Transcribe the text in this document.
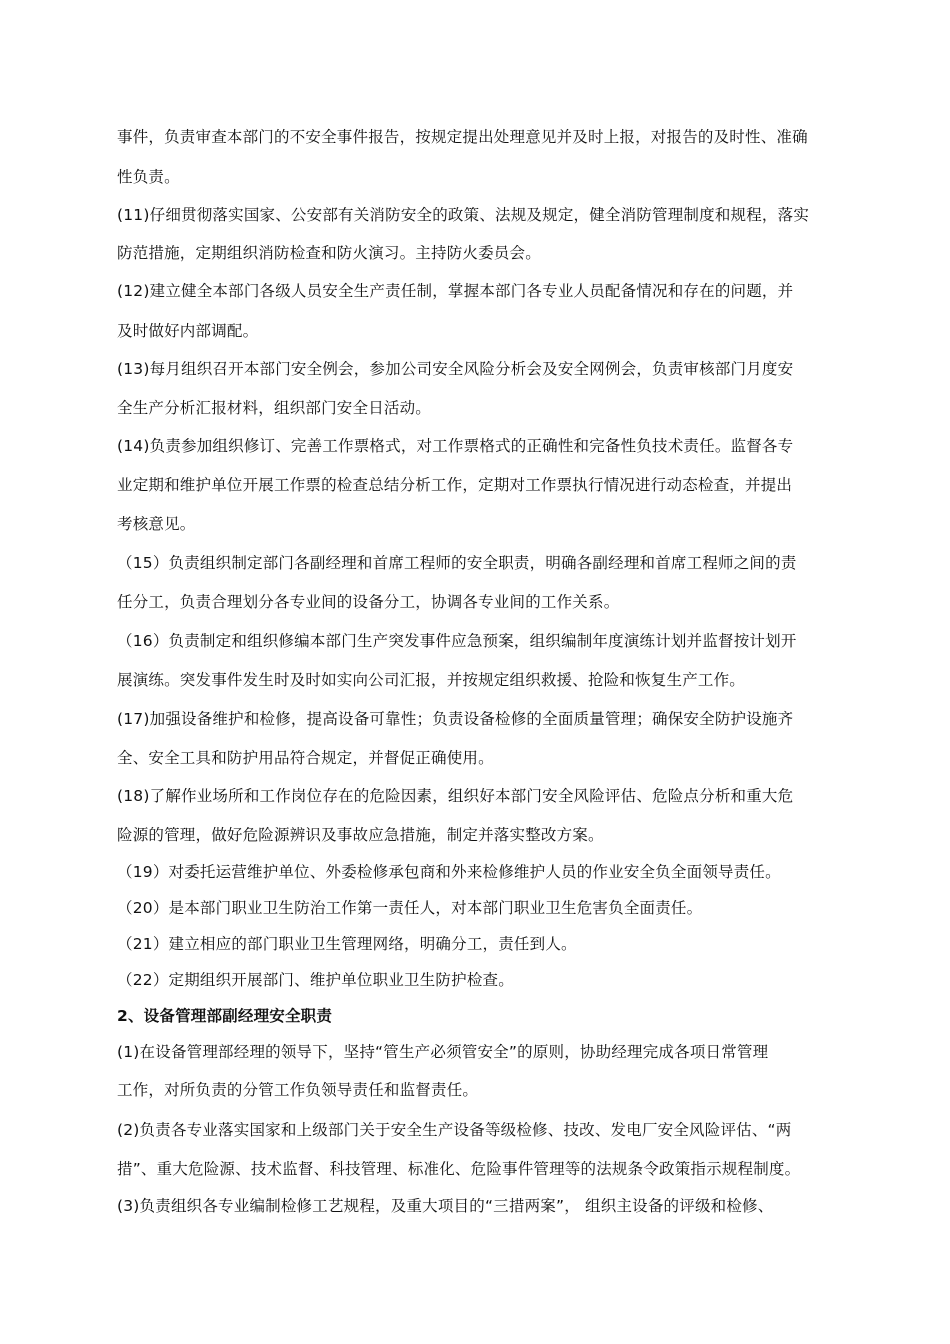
事件，负责审查本部门的不安全事件报告，按规定提出处理意见并及时上报，对报告的及时性、准确
性负责。
(11)仔细贯彻落实国家、公安部有关消防安全的政策、法规及规定，健全消防管理制度和规程，落实
防范措施，定期组织消防检查和防火演习。主持防火委员会。
(12)建立健全本部门各级人员安全生产责任制，掌握本部门各专业人员配备情况和存在的问题，并
及时做好内部调配。
(13)每月组织召开本部门安全例会，参加公司安全风险分析会及安全网例会，负责审核部门月度安
全生产分析汇报材料，组织部门安全日活动。
(14)负责参加组织修订、完善工作票格式，对工作票格式的正确性和完备性负技术责任。监督各专
业定期和维护单位开展工作票的检查总结分析工作，定期对工作票执行情况进行动态检查，并提出
考核意见。
（15）负责组织制定部门各副经理和首席工程师的安全职责，明确各副经理和首席工程师之间的责
任分工，负责合理划分各专业间的设备分工，协调各专业间的工作关系。
（16）负责制定和组织修编本部门生产突发事件应急预案，组织编制年度演练计划并监督按计划开
展演练。突发事件发生时及时如实向公司汇报，并按规定组织救援、抢险和恢复生产工作。
(17)加强设备维护和检修，提高设备可靠性；负责设备检修的全面质量管理；确保安全防护设施齐
全、安全工具和防护用品符合规定，并督促正确使用。
(18)了解作业场所和工作岗位存在的危险因素，组织好本部门安全风险评估、危险点分析和重大危
险源的管理，做好危险源辨识及事故应急措施，制定并落实整改方案。
（19）对委托运营维护单位、外委检修承包商和外来检修维护人员的作业安全负全面领导责任。
（20）是本部门职业卫生防治工作第一责任人，对本部门职业卫生危害负全面责任。
（21）建立相应的部门职业卫生管理网络，明确分工，责任到人。
（22）定期组织开展部门、维护单位职业卫生防护检查。
2、设备管理部副经理安全职责
(1)在设备管理部经理的领导下，坚持“管生产必须管安全”的原则，协助经理完成各项日常管理
工作，对所负责的分管工作负领导责任和监督责任。
(2)负责各专业落实国家和上级部门关于安全生产设备等级检修、技改、发电厂安全风险评估、“两
措”、重大危险源、技术监督、科技管理、标准化、危险事件管理等的法规条令政策指示规程制度。
(3)负责组织各专业编制检修工艺规程，及重大项目的“三措两案”， 组织主设备的评级和检修、
